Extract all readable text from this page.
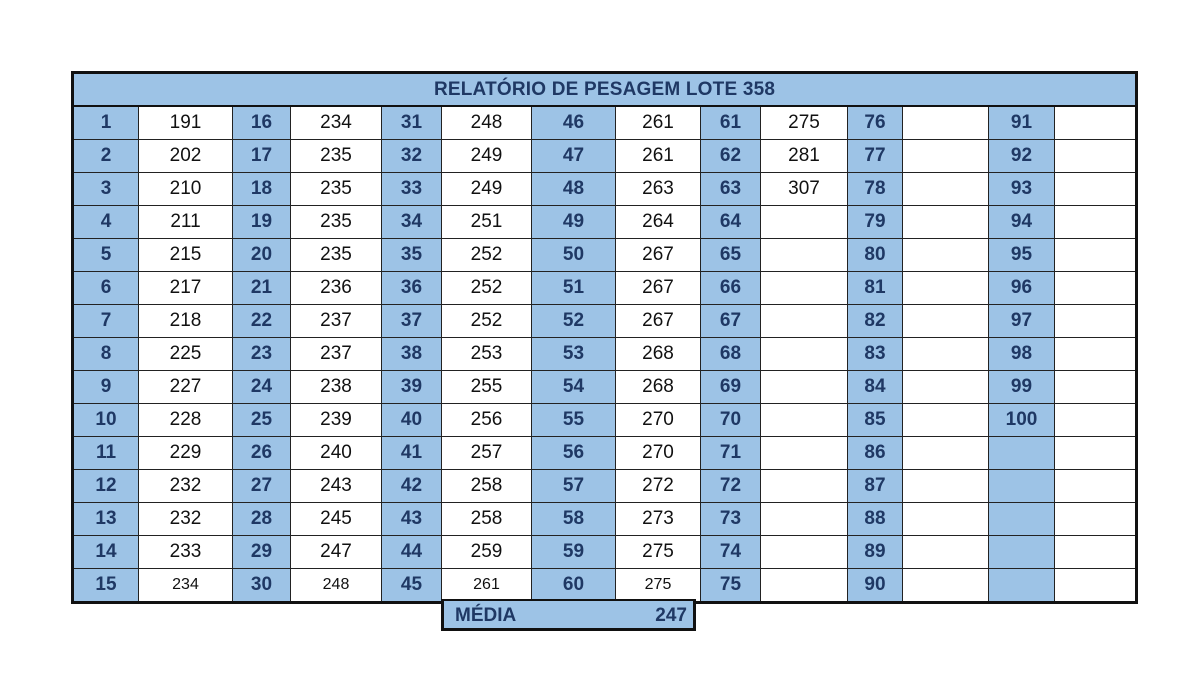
RELATÓRIO DE PESAGEM LOTE 358													
1	191	16	234	31	248	46	261	61	275	76		91	
2	202	17	235	32	249	47	261	62	281	77		92	
3	210	18	235	33	249	48	263	63	307	78		93	
4	211	19	235	34	251	49	264	64		79		94	
5	215	20	235	35	252	50	267	65		80		95	
6	217	21	236	36	252	51	267	66		81		96	
7	218	22	237	37	252	52	267	67		82		97	
8	225	23	237	38	253	53	268	68		83		98	
9	227	24	238	39	255	54	268	69		84		99	
10	228	25	239	40	256	55	270	70		85		100	
11	229	26	240	41	257	56	270	71		86			
12	232	27	243	42	258	57	272	72		87			
13	232	28	245	43	258	58	273	73		88			
14	233	29	247	44	259	59	275	74		89			
15	234	30	248	45	261	60	275	75		90			
MÉDIA	247
